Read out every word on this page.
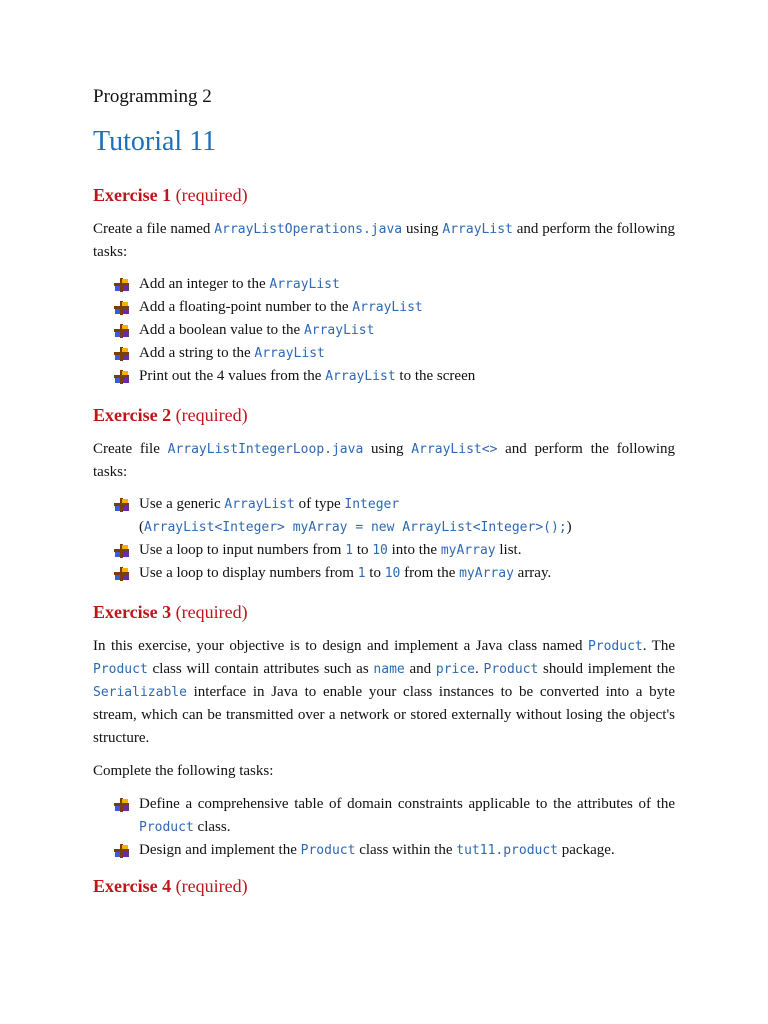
Programming 2
Tutorial 11
Exercise 1 (required)

Create a file named ArrayListOperations.java using ArrayList and perform the following tasks:

Add an integer to the ArrayList
Add a floating-point number to the ArrayList
Add a boolean value to the ArrayList
Add a string to the ArrayList
Print out the 4 values from the ArrayList to the screen
Exercise 2 (required)

Create file ArrayListIntegerLoop.java using ArrayList<> and perform the following tasks:

Use a generic ArrayList of type Integer
(ArrayList<Integer> myArray = new ArrayList<Integer>();)
Use a loop to input numbers from 1 to 10 into the myArray list.
Use a loop to display numbers from 1 to 10 from the myArray array.
Exercise 3 (required)

In this exercise, your objective is to design and implement a Java class named Product. The Product class will contain attributes such as name and price. Product should implement the Serializable interface in Java to enable your class instances to be converted into a byte stream, which can be transmitted over a network or stored externally without losing the object's structure.

Complete the following tasks:

Define a comprehensive table of domain constraints applicable to the attributes of the Product class.
Design and implement the Product class within the tut11.product package.
Exercise 4 (required)
